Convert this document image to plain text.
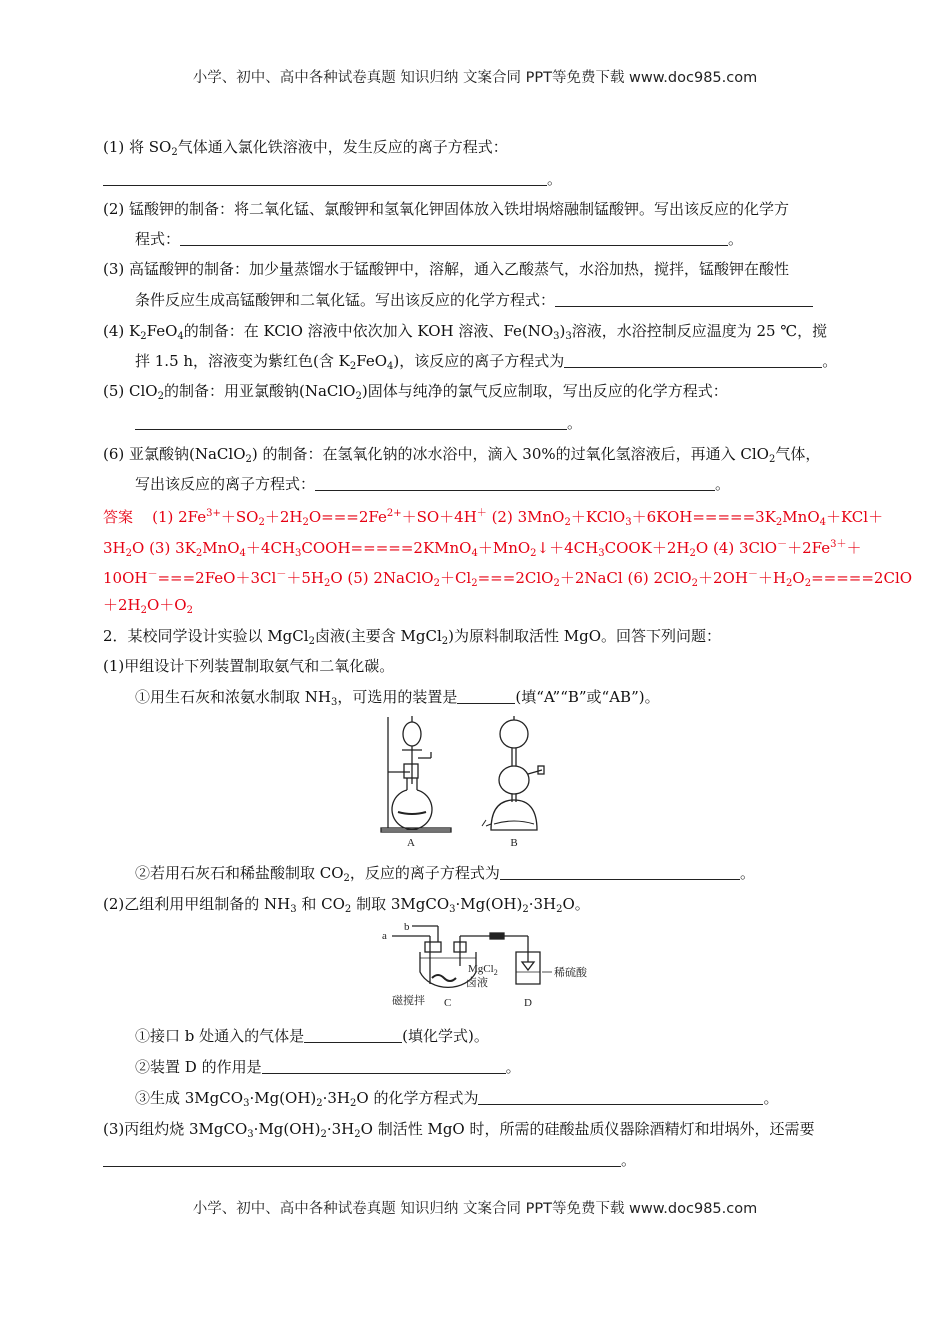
小学、初中、高中各种试卷真题 知识归纳 文案合同 PPT等免费下载 www.doc985.com
(1) 将 $SO_2$气体通入氯化铁溶液中，发生反应的离子方程式：
。
(2) 锰酸钾的制备：将二氧化锰、氯酸钾和氢氧化钾固体放入铁坩埚熔融制锰酸钾。写出该反应的化学方
程式：	。
(3) 高锰酸钾的制备：加少量蒸馏水于锰酸钾中，溶解，通入乙酸蒸气，水浴加热，搅拌，锰酸钾在酸性
条件反应生成高锰酸钾和二氧化锰。写出该反应的化学方程式：
(4) $K_2FeO_4$的制备：在 KClO 溶液中依次加入 KOH 溶液、$Fe(NO_3)_3$溶液，水浴控制反应温度为 25 ℃，搅
拌 1.5 h，溶液变为紫红色(含 $K_2FeO_4$)，该反应的离子方程式为	。
(5) ClO$_2$的制备：用亚氯酸钠(NaClO$_2$)固体与纯净的氯气反应制取，写出反应的化学方程式：
。
(6) 亚氯酸钠(NaClO$_2$) 的制备：在氢氧化钠的冰水浴中，滴入 30%的过氧化氢溶液后，再通入 ClO$_2$气体，
写出该反应的离子方程式：	。
答案 (1) $2Fe^{3+}+SO_2+2H_2O===2Fe^{2+}+SO+4H^+$ (2) $3MnO_2+KClO_3+6KOH=====3K_2MnO_4+KCl+$
$3H_2O$ (3) $3K_2MnO_4+4CH_3COOH=====2KMnO_4+MnO_2↓+4CH_3COOK+2H_2O$ (4) $3ClO^-+2Fe^{3+}+$
$10OH^-===2FeO+3Cl^-+5H_2O$ (5) $2NaClO_2+Cl_2===2ClO_2+2NaCl$ (6) $2ClO_2+2OH^-+H_2O_2=====2ClO$
$+2H_2O+O_2$
2．某校同学设计实验以 MgCl$_2$卤液(主要含 MgCl$_2$)为原料制取活性 MgO。回答下列问题：
(1)甲组设计下列装置制取氨气和二氧化碳。
①用生石灰和浓氨水制取 $NH_3$，可选用的装置是	(填“A”“B”或“AB”)。
A	B
②若用石灰石和稀盐酸制取 $CO_2$，反应的离子方程式为	。
(2)乙组利用甲组制备的 $NH_3$ 和 $CO_2$ 制取 $3MgCO_3\cdot Mg(OH)_2\cdot 3H_2O$。
a
b
MgCl$_2$
卤液
磁搅拌 C	D
稀硫酸
①接口 b 处通入的气体是	(填化学式)。
②装置 D 的作用是	。
③生成 $3MgCO_3\cdot Mg(OH)_2\cdot 3H_2O$ 的化学方程式为	。
(3)丙组灼烧 $3MgCO_3\cdot Mg(OH)_2\cdot 3H_2O$ 制活性 MgO 时，所需的硅酸盐质仪器除酒精灯和坩埚外，还需要
。
小学、初中、高中各种试卷真题 知识归纳 文案合同 PPT等免费下载 www.doc985.com
